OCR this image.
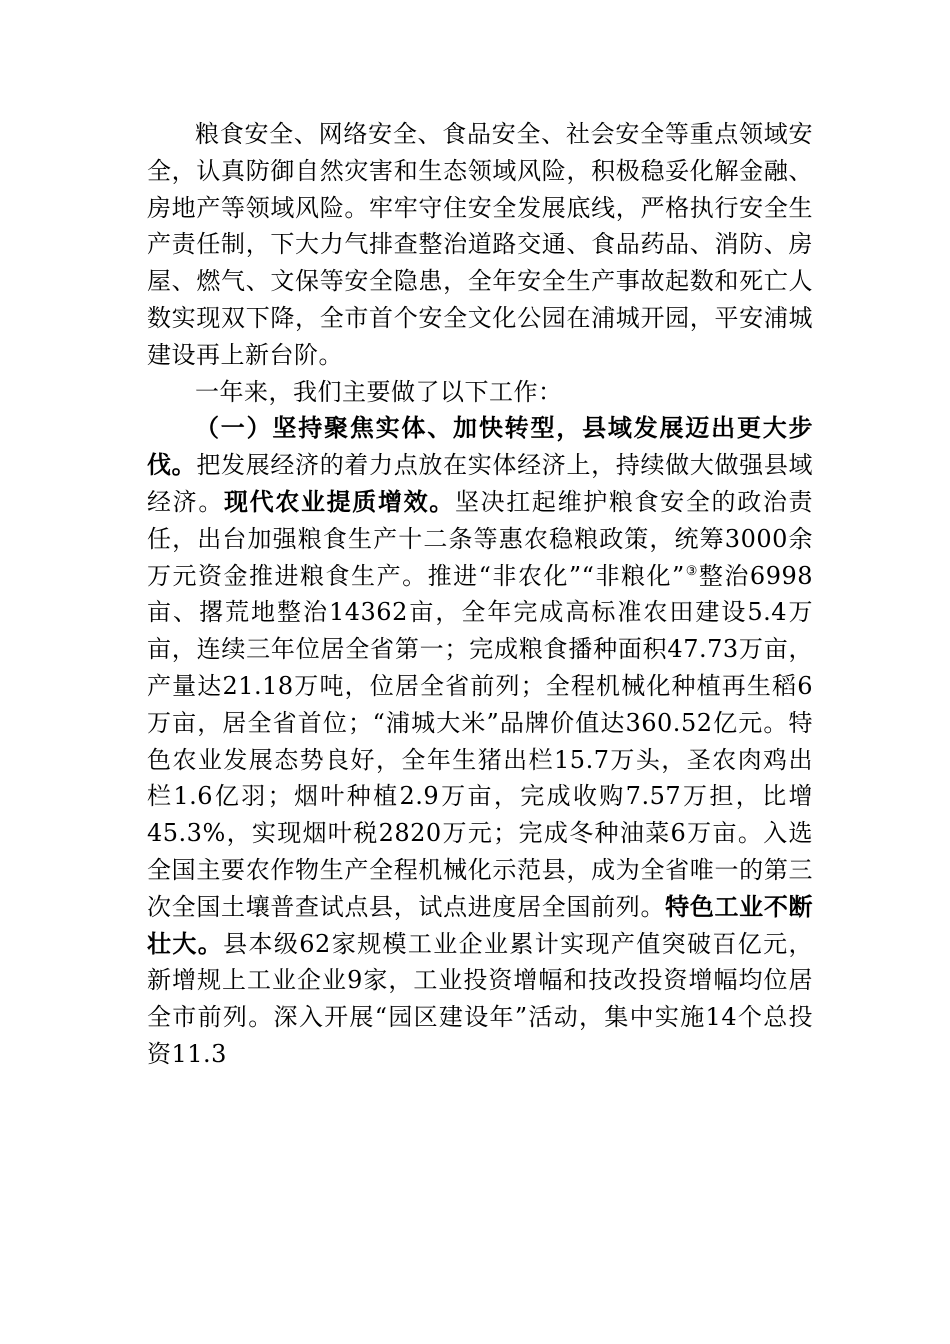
粮食安全、网络安全、食品安全、社会安全等重点领域安全，认真防御自然灾害和生态领域风险，积极稳妥化解金融、房地产等领域风险。牢牢守住安全发展底线，严格执行安全生产责任制，下大力气排查整治道路交通、食品药品、消防、房屋、燃气、文保等安全隐患，全年安全生产事故起数和死亡人数实现双下降，全市首个安全文化公园在浦城开园，平安浦城建设再上新台阶。

一年来，我们主要做了以下工作：

（一）坚持聚焦实体、加快转型，县域发展迈出更大步伐。把发展经济的着力点放在实体经济上，持续做大做强县域经济。现代农业提质增效。坚决扛起维护粮食安全的政治责任，出台加强粮食生产十二条等惠农稳粮政策，统筹3000余万元资金推进粮食生产。推进“非农化”“非粮化”③整治6998亩、撂荒地整治14362亩，全年完成高标准农田建设5.4万亩，连续三年位居全省第一；完成粮食播种面积47.73万亩，产量达21.18万吨，位居全省前列；全程机械化种植再生稻6万亩，居全省首位；“浦城大米”品牌价值达360.52亿元。特色农业发展态势良好，全年生猪出栏15.7万头，圣农肉鸡出栏1.6亿羽；烟叶种植2.9万亩，完成收购7.57万担，比增45.3%，实现烟叶税2820万元；完成冬种油菜6万亩。入选全国主要农作物生产全程机械化示范县，成为全省唯一的第三次全国土壤普查试点县，试点进度居全国前列。特色工业不断壮大。县本级62家规模工业企业累计实现产值突破百亿元，新增规上工业企业9家，工业投资增幅和技改投资增幅均位居全市前列。深入开展“园区建设年”活动，集中实施14个总投资11.3
